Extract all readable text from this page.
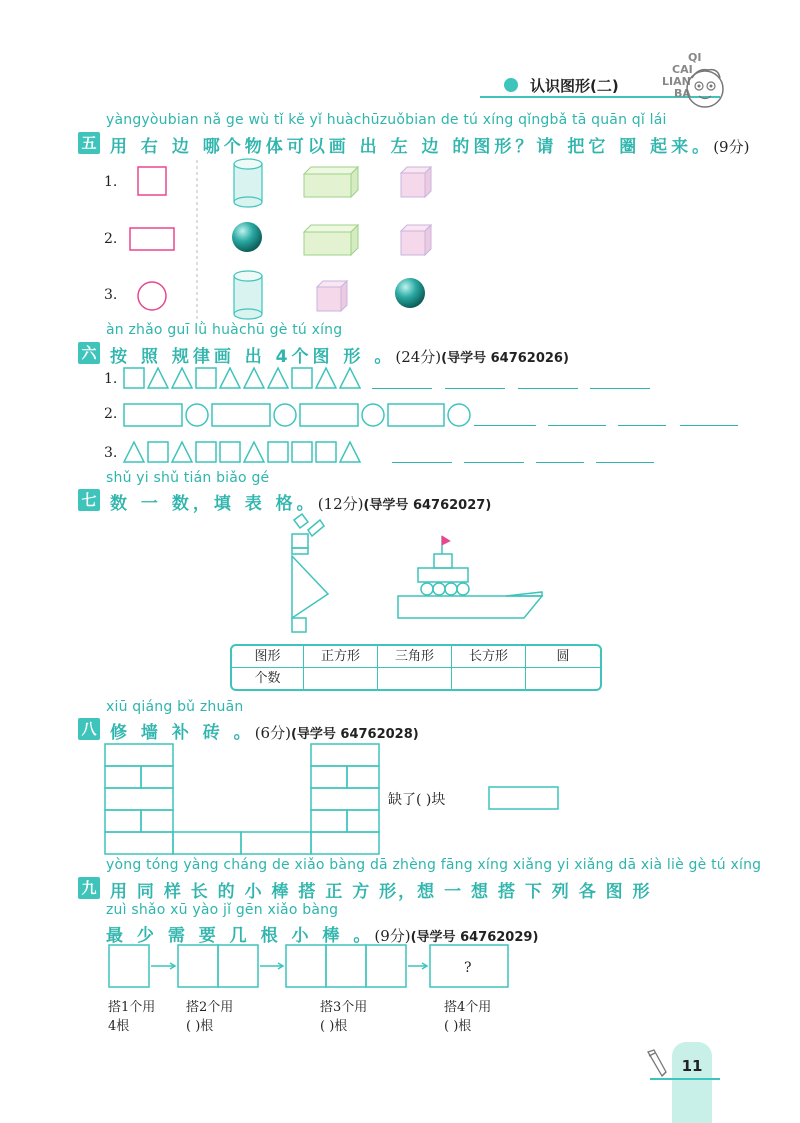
认识图形(二)
QI
CAI
LIAN
BA
yàngyòubian nǎ ge wù tǐ kě yǐ huàchūzuǒbian de tú xíng qǐngbǎ tā quān qǐ lái
五 用 右 边 哪个物体可以画 出 左 边 的图形？请 把它 圈 起来。(9分)
1.
2.
3.
àn zhǎo guī lǜ huàchū gè tú xíng
六 按 照 规律画 出 4个图 形 。(24分)(导学号 64762026)
1.
2.
3.
shǔ yi shǔ tián biǎo gé
七 数 一 数，填 表 格。(12分)(导学号 64762027)
图形	正方形	三角形	长方形	圆
个数
xiū qiáng bǔ zhuān
八 修 墙 补 砖 。(6分)(导学号 64762028)
缺了( )块
yòng tóng yàng cháng de xiǎo bàng dā zhèng fāng xíng xiǎng yi xiǎng dā xià liè gè tú xíng
九 用 同 样 长 的 小 棒 搭 正 方 形，想 一 想 搭 下 列 各 图 形
zuì shǎo xū yào jǐ gēn xiǎo bàng
最 少 需 要 几 根 小 棒 。(9分)(导学号 64762029)
?
搭1个用
4根
搭2个用
( )根
搭3个用
( )根
搭4个用
( )根
11
